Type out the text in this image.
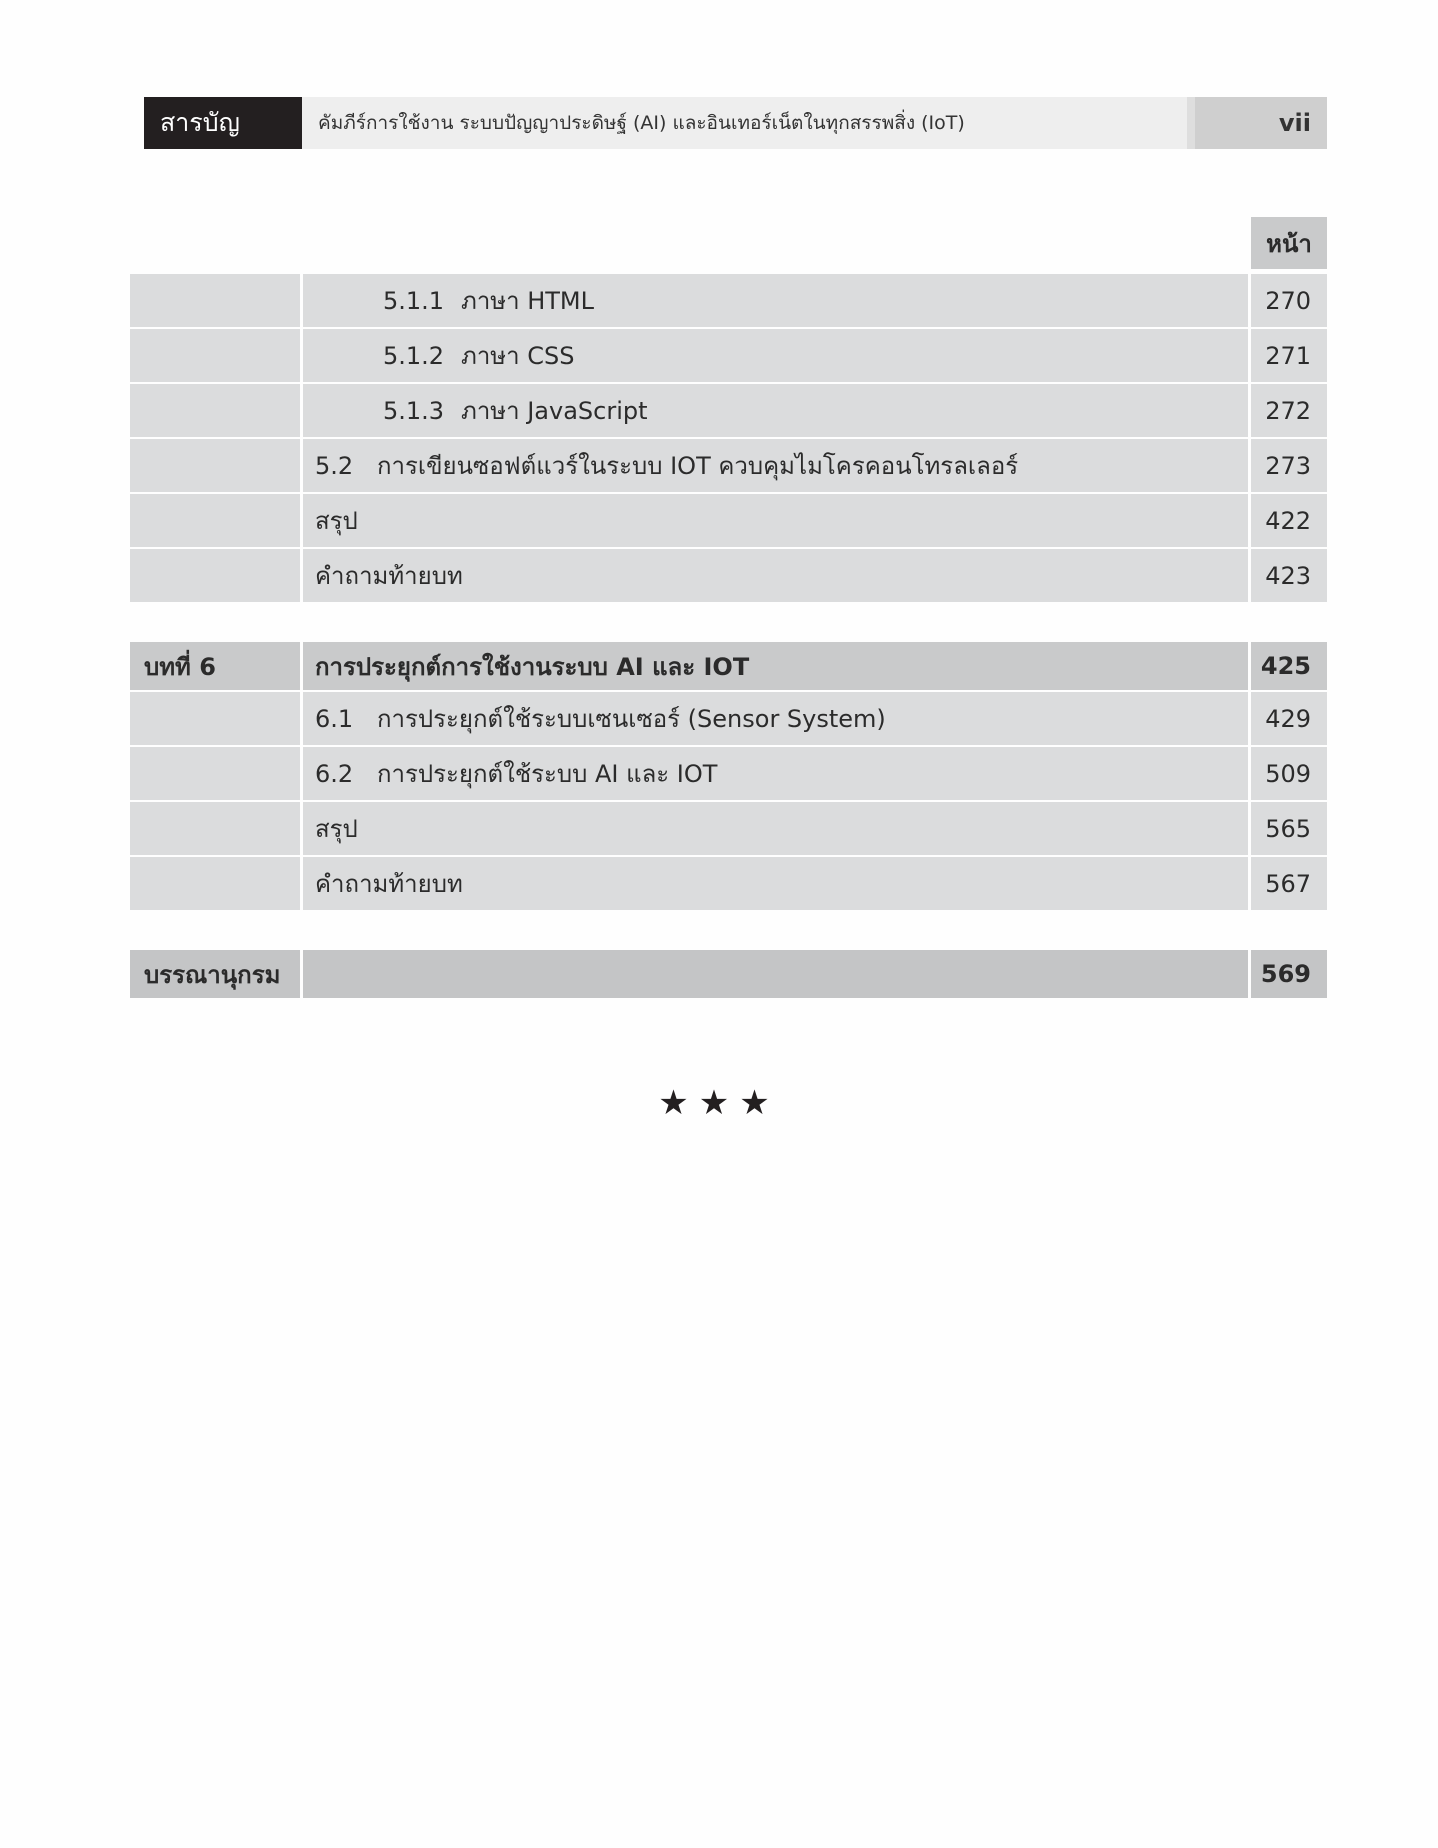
สารบัญ	คัมภีร์การใช้งาน ระบบปัญญาประดิษฐ์ (AI) และอินเทอร์เน็ตในทุกสรรพสิ่ง (IoT)	vii
หน้า
5.1.1 ภาษา HTML	270
5.1.2 ภาษา CSS	271
5.1.3 ภาษา JavaScript	272
5.2 การเขียนซอฟต์แวร์ในระบบ IOT ควบคุมไมโครคอนโทรลเลอร์	273
สรุป	422
คำถามท้ายบท	423
บทที่ 6	การประยุกต์การใช้งานระบบ AI และ IOT	425
6.1 การประยุกต์ใช้ระบบเซนเซอร์ (Sensor System)	429
6.2 การประยุกต์ใช้ระบบ AI และ IOT	509
สรุป	565
คำถามท้ายบท	567
บรรณานุกรม	569
★★★
